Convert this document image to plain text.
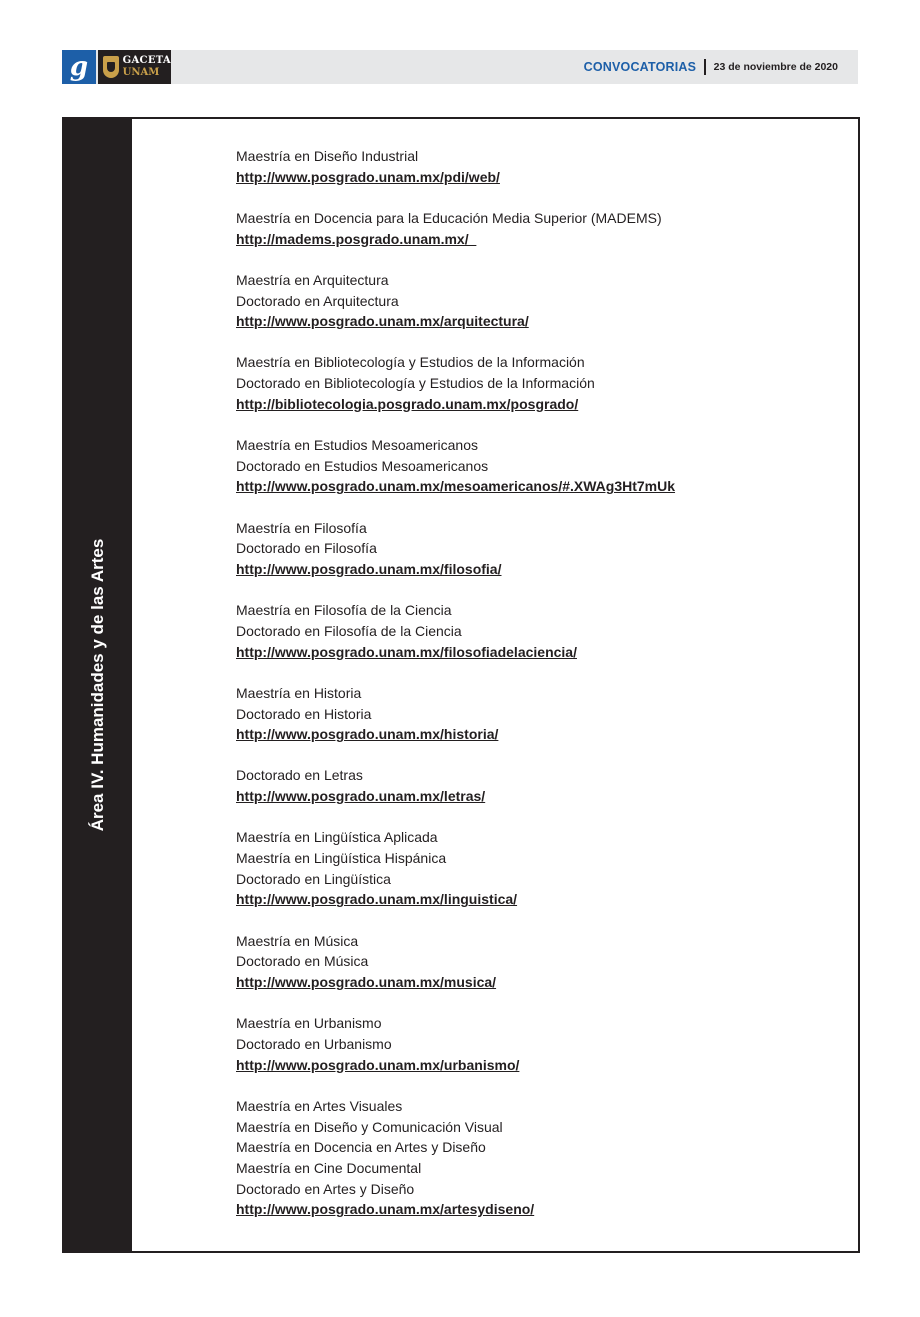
g	GACETA
UNAM	CONVOCATORIAS 23 de noviembre de 2020
Área IV. Humanidades y de las Artes
Maestría en Diseño Industrial
http://www.posgrado.unam.mx/pdi/web/
Maestría en Docencia para la Educación Media Superior (MADEMS)
http://madems.posgrado.unam.mx/
Maestría en Arquitectura
Doctorado en Arquitectura
http://www.posgrado.unam.mx/arquitectura/
Maestría en Bibliotecología y Estudios de la Información
Doctorado en Bibliotecología y Estudios de la Información
http://bibliotecologia.posgrado.unam.mx/posgrado/
Maestría en Estudios Mesoamericanos
Doctorado en Estudios Mesoamericanos
http://www.posgrado.unam.mx/mesoamericanos/#.XWAg3Ht7mUk
Maestría en Filosofía
Doctorado en Filosofía
http://www.posgrado.unam.mx/filosofia/
Maestría en Filosofía de la Ciencia
Doctorado en Filosofía de la Ciencia
http://www.posgrado.unam.mx/filosofiadelaciencia/
Maestría en Historia
Doctorado en Historia
http://www.posgrado.unam.mx/historia/
Doctorado en Letras
http://www.posgrado.unam.mx/letras/
Maestría en Lingüística Aplicada
Maestría en Lingüística Hispánica
Doctorado en Lingüística
http://www.posgrado.unam.mx/linguistica/
Maestría en Música
Doctorado en Música
http://www.posgrado.unam.mx/musica/
Maestría en Urbanismo
Doctorado en Urbanismo
http://www.posgrado.unam.mx/urbanismo/
Maestría en Artes Visuales
Maestría en Diseño y Comunicación Visual
Maestría en Docencia en Artes y Diseño
Maestría en Cine Documental
Doctorado en Artes y Diseño
http://www.posgrado.unam.mx/artesydiseno/
